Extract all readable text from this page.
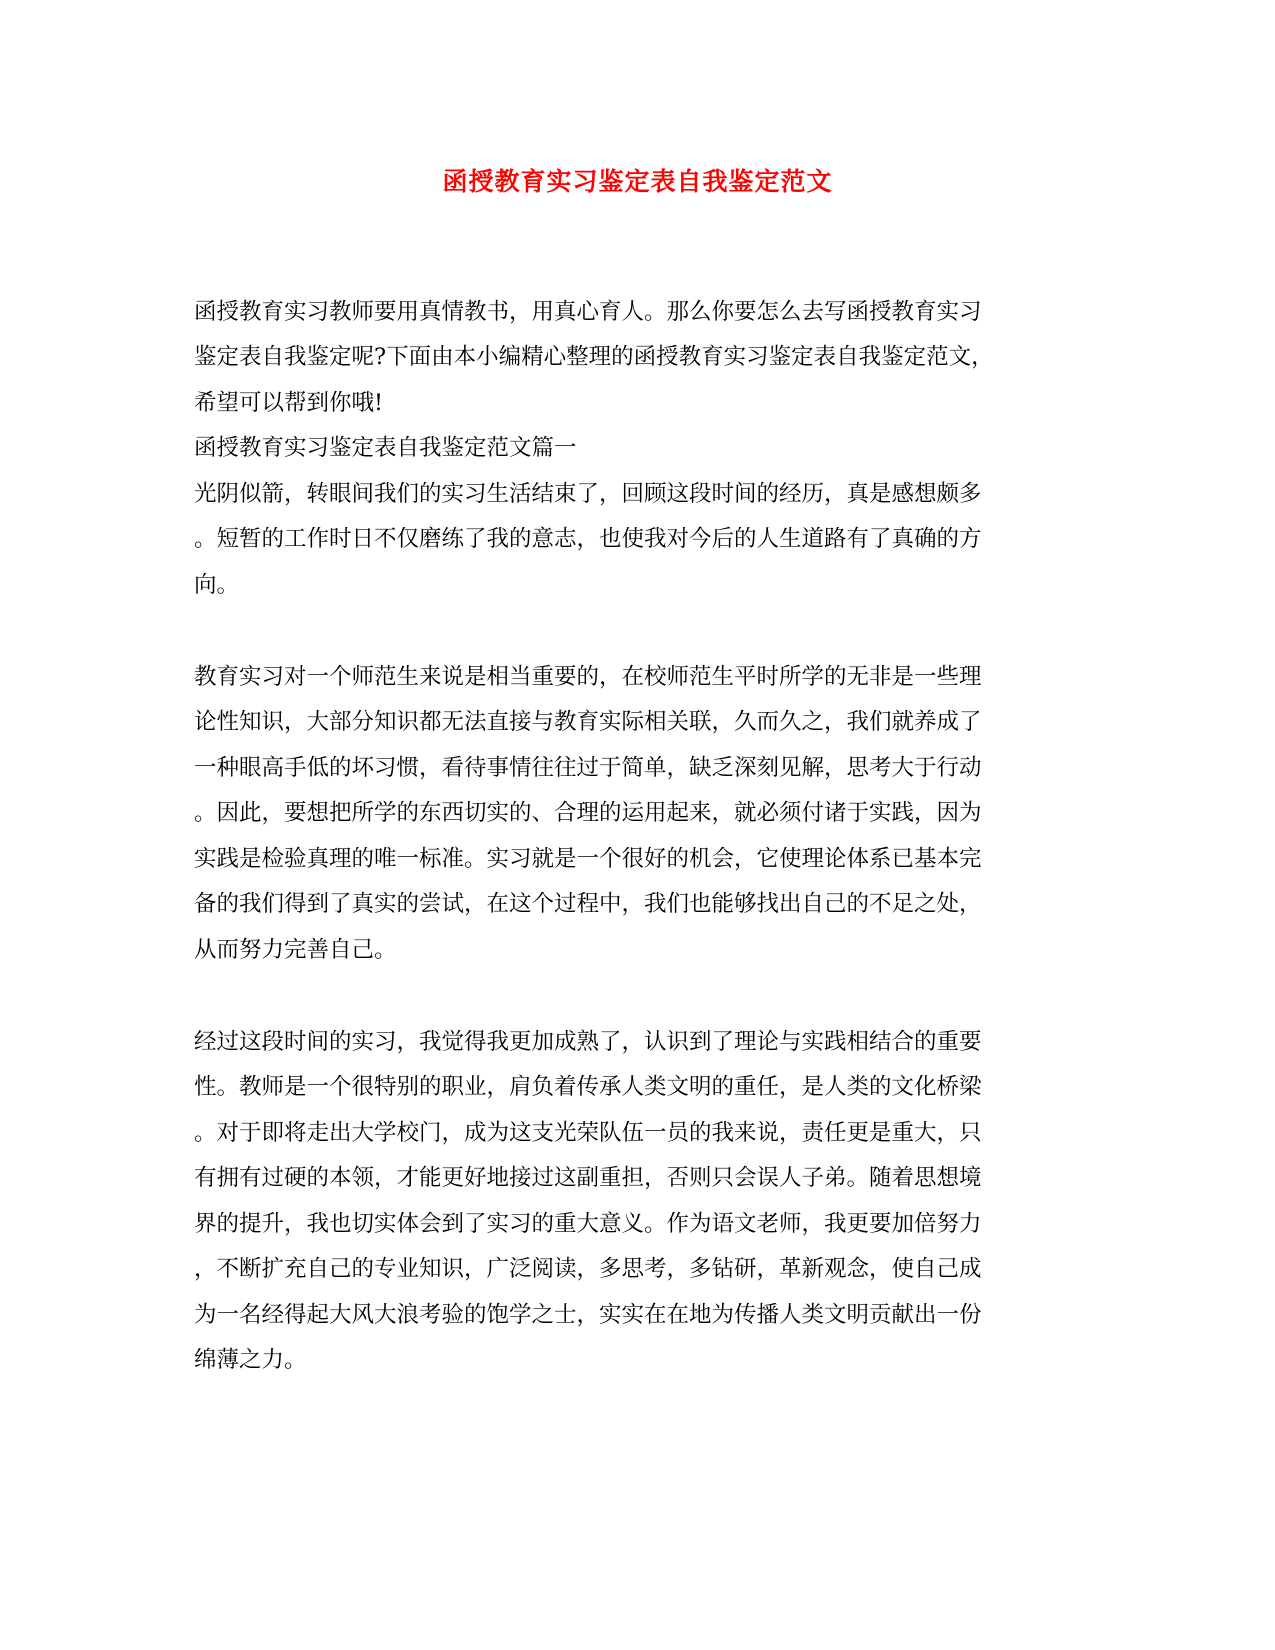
函授教育实习鉴定表自我鉴定范文
函授教育实习教师要用真情教书，用真心育人。那么你要怎么去写函授教育实习
鉴定表自我鉴定呢?下面由本小编精心整理的函授教育实习鉴定表自我鉴定范文，
希望可以帮到你哦!
函授教育实习鉴定表自我鉴定范文篇一
光阴似箭，转眼间我们的实习生活结束了，回顾这段时间的经历，真是感想颇多
。短暂的工作时日不仅磨练了我的意志，也使我对今后的人生道路有了真确的方
向。
教育实习对一个师范生来说是相当重要的，在校师范生平时所学的无非是一些理
论性知识，大部分知识都无法直接与教育实际相关联，久而久之，我们就养成了
一种眼高手低的坏习惯，看待事情往往过于简单，缺乏深刻见解，思考大于行动
。因此，要想把所学的东西切实的、合理的运用起来，就必须付诸于实践，因为
实践是检验真理的唯一标准。实习就是一个很好的机会，它使理论体系已基本完
备的我们得到了真实的尝试，在这个过程中，我们也能够找出自己的不足之处，
从而努力完善自己。
经过这段时间的实习，我觉得我更加成熟了，认识到了理论与实践相结合的重要
性。教师是一个很特别的职业，肩负着传承人类文明的重任，是人类的文化桥梁
。对于即将走出大学校门，成为这支光荣队伍一员的我来说，责任更是重大，只
有拥有过硬的本领，才能更好地接过这副重担，否则只会误人子弟。随着思想境
界的提升，我也切实体会到了实习的重大意义。作为语文老师，我更要加倍努力
，不断扩充自己的专业知识，广泛阅读，多思考，多钻研，革新观念，使自己成
为一名经得起大风大浪考验的饱学之士，实实在在地为传播人类文明贡献出一份
绵薄之力。
